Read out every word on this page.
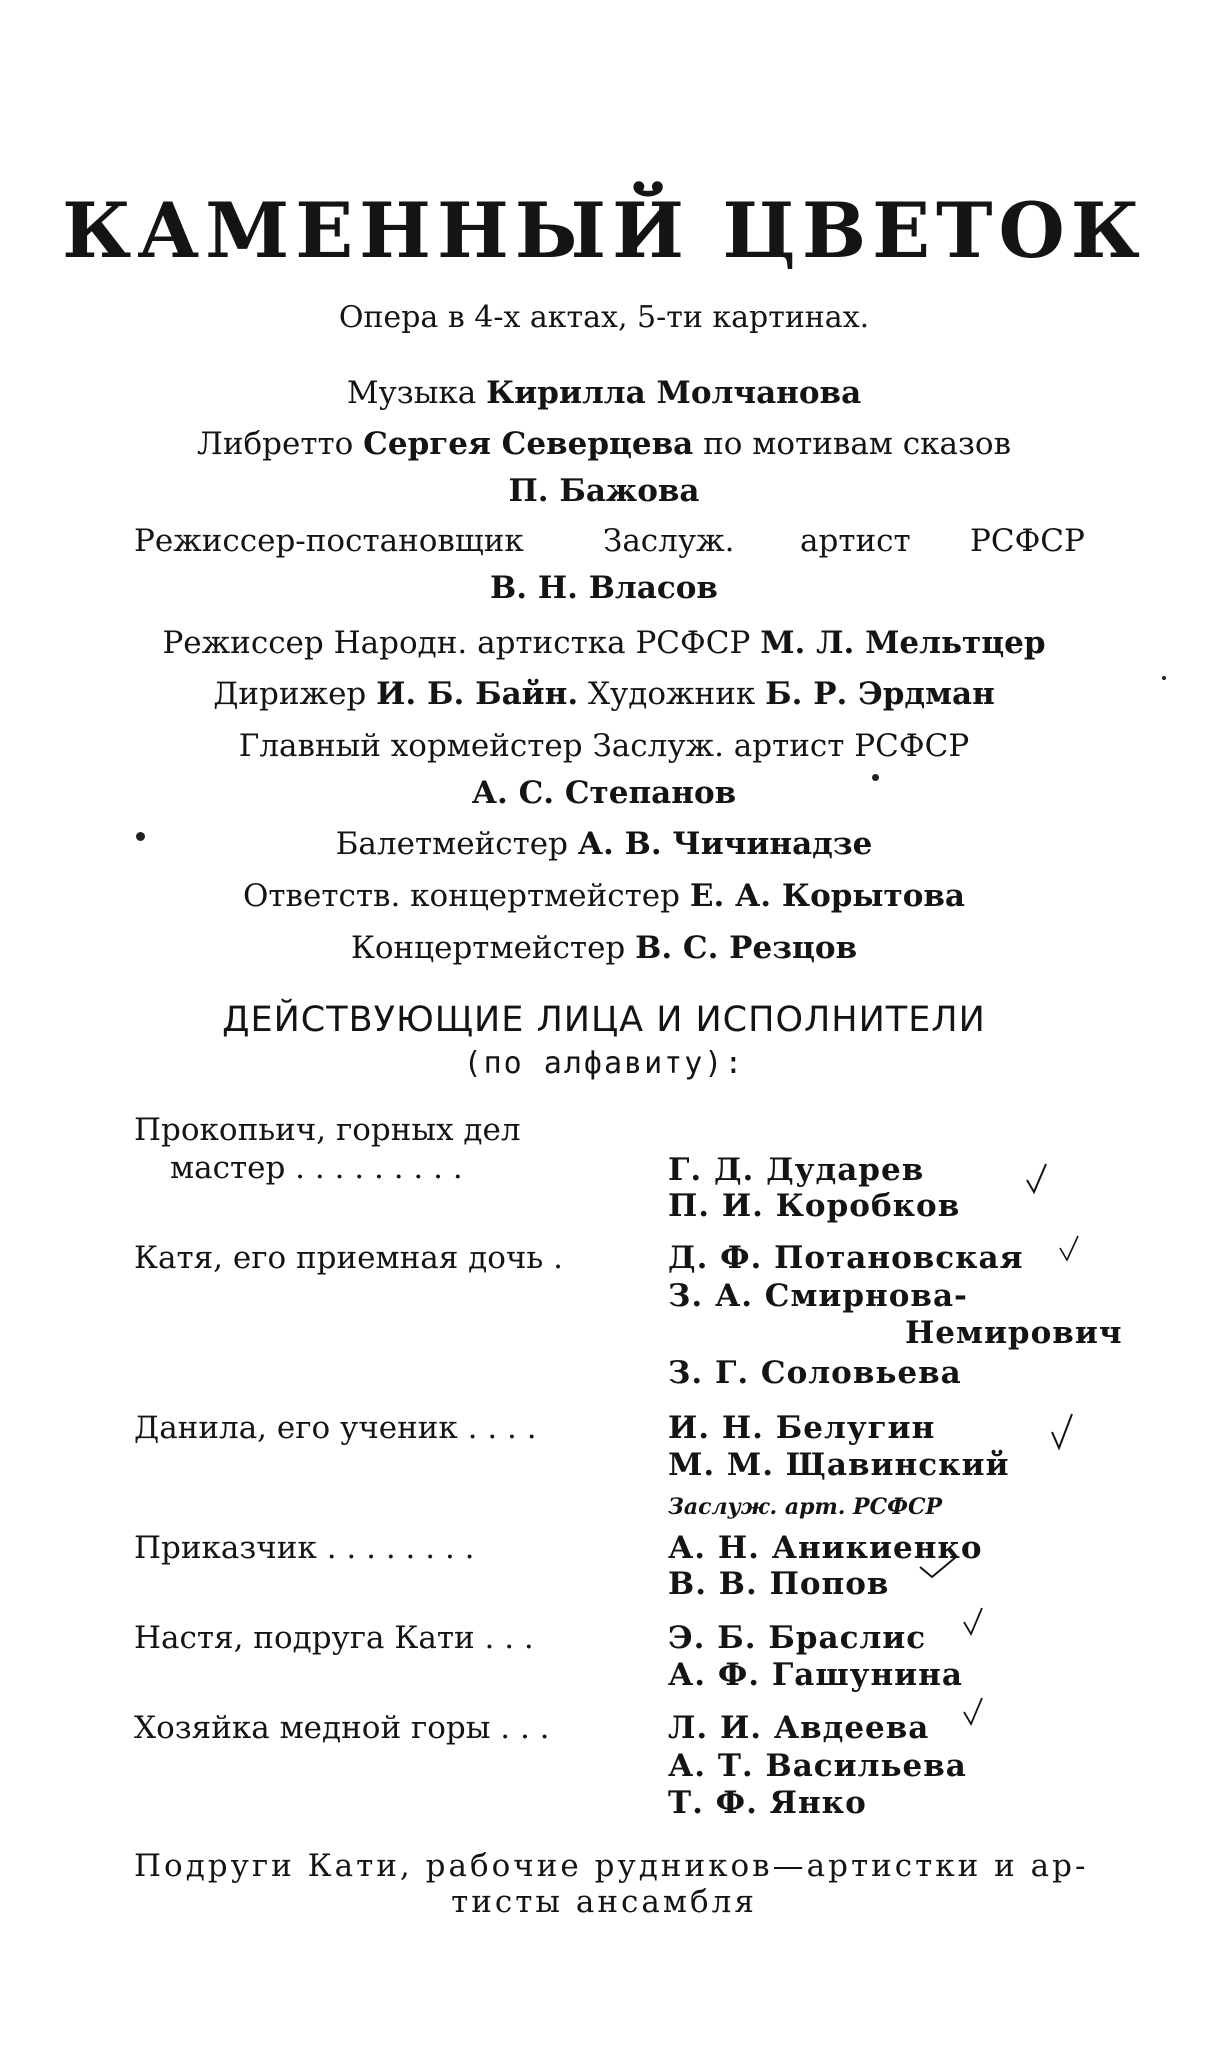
КАМЕННЫЙ ЦВЕТОК
Опера в 4-х актах, 5-ти картинах.
Музыка Кирилла Молчанова
Либретто Сергея Северцева по мотивам сказов
П. Бажова
Режиссер-постановщик	Заслуж. артист РСФСР
В. Н. Власов
Режиссер Народн. артистка РСФСР М. Л. Мельтцер
Дирижер И. Б. Байн. Художник Б. Р. Эрдман
Главный хормейстер Заслуж. артист РСФСР
А. С. Степанов
Балетмейстер А. В. Чичинадзе
Ответств. концертмейстер Е. А. Корытова
Концертмейстер В. С. Резцов
ДЕЙСТВУЮЩИЕ ЛИЦА И ИСПОЛНИТЕЛИ
(по алфавиту):
Прокопьич, горных дел
мастер . . . . . . . . .	Г. Д. Дударев
П. И. Коробков
Катя, его приемная дочь .	Д. Ф. Потановская
З. А. Смирнова-
Немирович
З. Г. Соловьева
Данила, его ученик . . . .	И. Н. Белугин
М. М. Щавинский
Заслуж. арт. РСФСР
Приказчик . . . . . . . .	А. Н. Аникиенко
В. В. Попов
Настя, подруга Кати . . .	Э. Б. Браслис
А. Ф. Гашунина
Хозяйка медной горы . . .	Л. И. Авдеева
А. Т. Васильева
Т. Ф. Янко
Подруги Кати, рабочие рудников—артистки и ар-
тисты ансамбля
